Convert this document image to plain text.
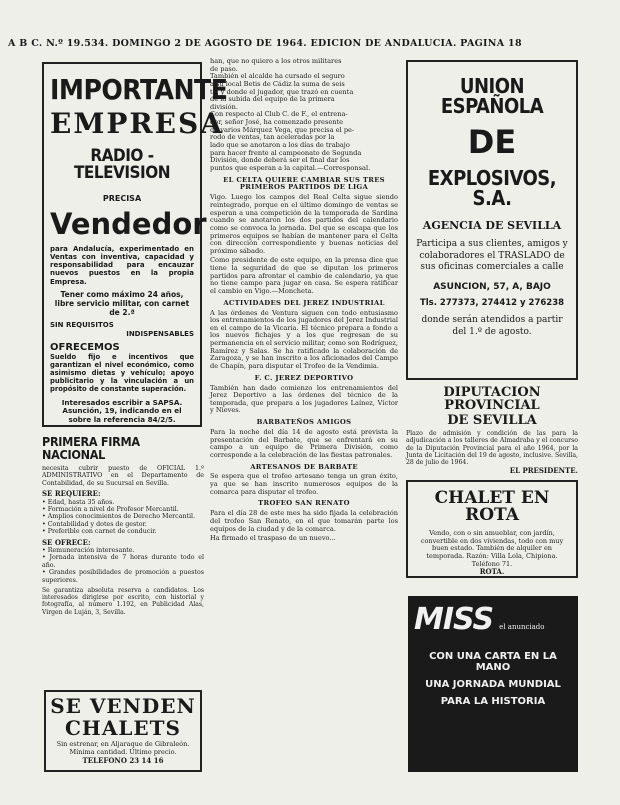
A B C. N.º 19.534. DOMINGO 2 DE AGOSTO DE 1964. EDICION DE ANDALUCIA. PAGINA 18
IMPORTANTE
EMPRESA
RADIO - TELEVISION
PRECISA
Vendedor
para Andalucía, experimentado en Ventas con inventiva, capacidad y responsabilidad para encauzar nuevos puestos en la propia Empresa.
Tener como máximo 24 años, libre servicio militar, con carnet de 2.ª
SIN REQUISITOS
INDISPENSABLES
OFRECEMOS
Sueldo fijo e incentivos que garantizan el nivel económico, como asimismo dietas y vehículo; apoyo publicitario y la vinculación a un propósito de constante superación.
Interesados escribir a SAPSA. Asunción, 19, indicando en el sobre la referencia 84/2/5.
PRIMERA FIRMA NACIONAL
necesita cubrir puesto de OFICIAL 1.º ADMINISTRATIVO en el Departamento de Contabilidad, de su Sucursal en Sevilla.
SE REQUIERE:
• Edad, hasta 35 años.
• Formación a nivel de Profesor Mercantil.
• Amplios conocimientos de Derecho Mercantil.
• Contabilidad y dotes de gestor.
• Preferible con carnet de conducir.
SE OFRECE:
• Remuneración interesante.
• Jornada intensiva de 7 horas durante todo el año.
• Grandes posibilidades de promoción a puestos superiores.
Se garantiza absoluta reserva a candidatos. Los interesados dirigirse por escrito, con historial y fotografía, al número 1.192, en Publicidad Alas, Virgen de Luján, 3, Sevilla.
SE VENDEN
CHALETS
Sin estrenar, en Aljaraque de Gibraleón. Mínima cantidad. Último precio.
TELEFONO 23 14 16
han, que no quiero a los otros militares
de paso.
También el alcalde ha cursado el seguro
a su local Betis de Cádiz la suma de seis
ta, y donde el jugador, que trazó en cuenta
de la subida del equipo de la primera
división.
Con respecto al Club C. de F., el entrena-
dor, señor José, ha comenzado presente
de varios Márquez Vega, que precisa el pe-
rodo de ventas, tan aceleradas por la
lado que se anotaron a los días de trabajo
para hacer frente al campeonato de Segunda
División, donde deberá ser el final dar los
puntos que esperan a la capital.—Corresponsal.
EL CELTA QUIERE CAMBIAR SUS TRES PRIMEROS PARTIDOS DE LIGA
Vigo. Luego los campos del Real Celta sigue siendo reintegrado, porque en el último domingo de ventas se esperan a una competición de la temporada de Sardina cuando se anotaron los dos partidos del calendario como se convoca la jornada. Del que se escapa que los primeros equipos se habían de mantener para el Celta con dirección correspondiente y buenas noticias del próximo sábado.
Como presidente de este equipo, en la prensa dice que tiene la seguridad de que se diputan los primeros partidos para afrontar el cambio de calendario, ya que no tiene campo para jugar en casa. Se espera ratificar el cambio en Vigo.—Moncheta.
ACTIVIDADES DEL JEREZ INDUSTRIAL
A las órdenes de Ventura siguen con todo entusiasmo los entrenamientos de los jugadores del Jerez Industrial en el campo de la Vicaría. El técnico prepara a fondo a los nuevos fichajes y a los que regresan de su permanencia en el servicio militar, como son Rodríguez, Ramírez y Salas. Se ha ratificado la colaboración de Zaragoza, y se han inscrito a los aficionados del Campo de Chapín, para disputar el Trofeo de la Vendimia.
F. C. JEREZ DEPORTIVO
También han dado comienzo los entrenamientos del Jerez Deportivo a las órdenes del técnico de la temporada, que prepara a los jugadores Laínez, Víctor y Nieves.
BARBATEÑOS AMIGOS
Para la noche del día 14 de agosto está prevista la presentación del Barbate, que se enfrentará en su campo a un equipo de Primera División, como corresponde a la celebración de las fiestas patronales.
ARTESANOS DE BARBATE
Se espera que el trofeo artesano tenga un gran éxito, ya que se han inscrito numerosos equipos de la comarca para disputar el trofeo.
TROFEO SAN RENATO
Para el día 28 de este mes ha sido fijada la celebración del trofeo San Renato, en el que tomarán parte los equipos de la ciudad y de la comarca.
Ha firmado el traspaso de un nuevo...
UNION ESPAÑOLA
DE
EXPLOSIVOS, S.A.
AGENCIA DE SEVILLA
Participa a sus clientes, amigos y colaboradores el TRASLADO de sus oficinas comerciales a calle
ASUNCION, 57, A, BAJO
Tls. 277373, 274412 y 276238
donde serán atendidos a partir del 1.º de agosto.
DIPUTACION PROVINCIAL
DE SEVILLA
Plazo de admisión y condición de las para la adjudicación a los talleres de Almadraba y el concurso de la Diputación Provincial para el año 1964, por la Junta de Licitación del 19 de agosto, inclusive. Sevilla, 28 de julio de 1964.
EL PRESIDENTE.
CHALET EN ROTA
Vendo, con o sin amueblar, con jardín, convertible en dos viviendas, todo con muy buen estado. También de alquiler en temporada. Razón: Villa Lola, Chipiona. Teléfono 71.
ROTA.
MISS el anunciado
CON UNA CARTA EN LA MANO
UNA JORNADA MUNDIAL
PARA LA HISTORIA
